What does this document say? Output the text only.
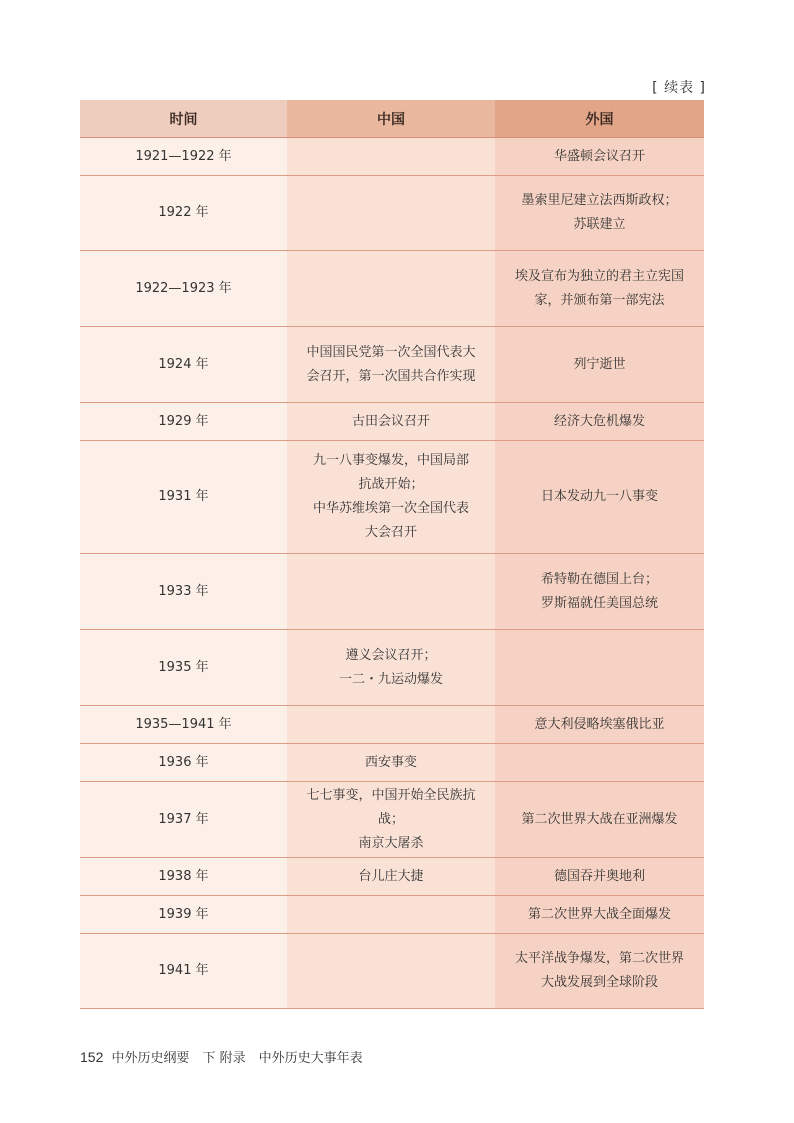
[ 续表 ]
时间	中国	外国
1921—1922 年		华盛顿会议召开

1922 年		墨索里尼建立法西斯政权；
苏联建立

1922—1923 年		埃及宣布为独立的君主立宪国
家，并颁布第一部宪法

1924 年	中国国民党第一次全国代表大
会召开，第一次国共合作实现	列宁逝世

1929 年	古田会议召开	经济大危机爆发

1931 年	九一八事变爆发，中国局部
抗战开始；
中华苏维埃第一次全国代表
大会召开	日本发动九一八事变

1933 年		希特勒在德国上台；
罗斯福就任美国总统

1935 年	遵义会议召开；
一二・九运动爆发	

1935—1941 年		意大利侵略埃塞俄比亚

1936 年	西安事变	

1937 年	七七事变，中国开始全民族抗战；
南京大屠杀	第二次世界大战在亚洲爆发

1938 年	台儿庄大捷	德国吞并奥地利

1939 年		第二次世界大战全面爆发

1941 年		太平洋战争爆发，第二次世界
大战发展到全球阶段
152 中外历史纲要　下 附录　中外历史大事年表
